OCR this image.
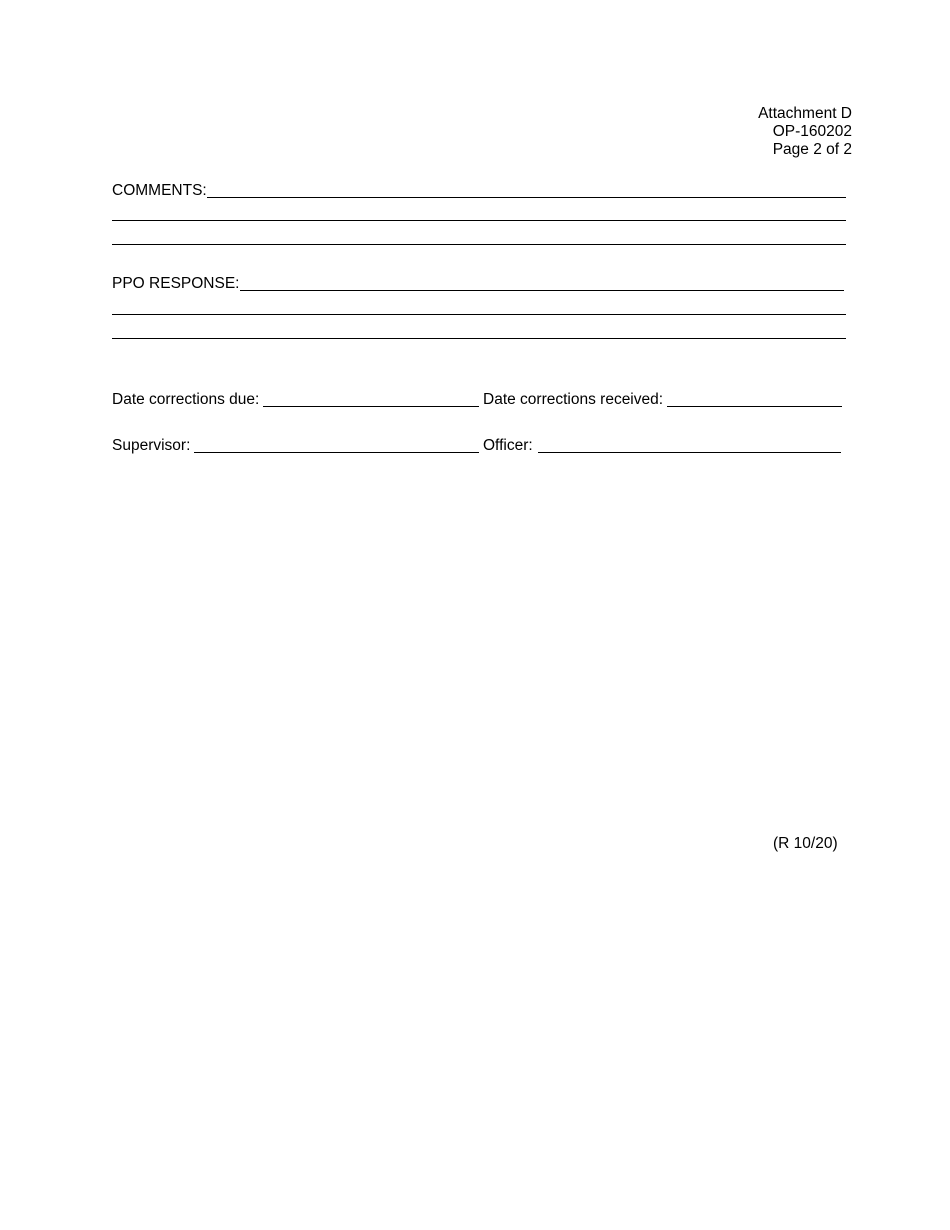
Attachment D
OP-160202
Page 2 of 2
COMMENTS:
PPO RESPONSE:
Date corrections due:	Date corrections received:
Supervisor:	Officer:
(R 10/20)
